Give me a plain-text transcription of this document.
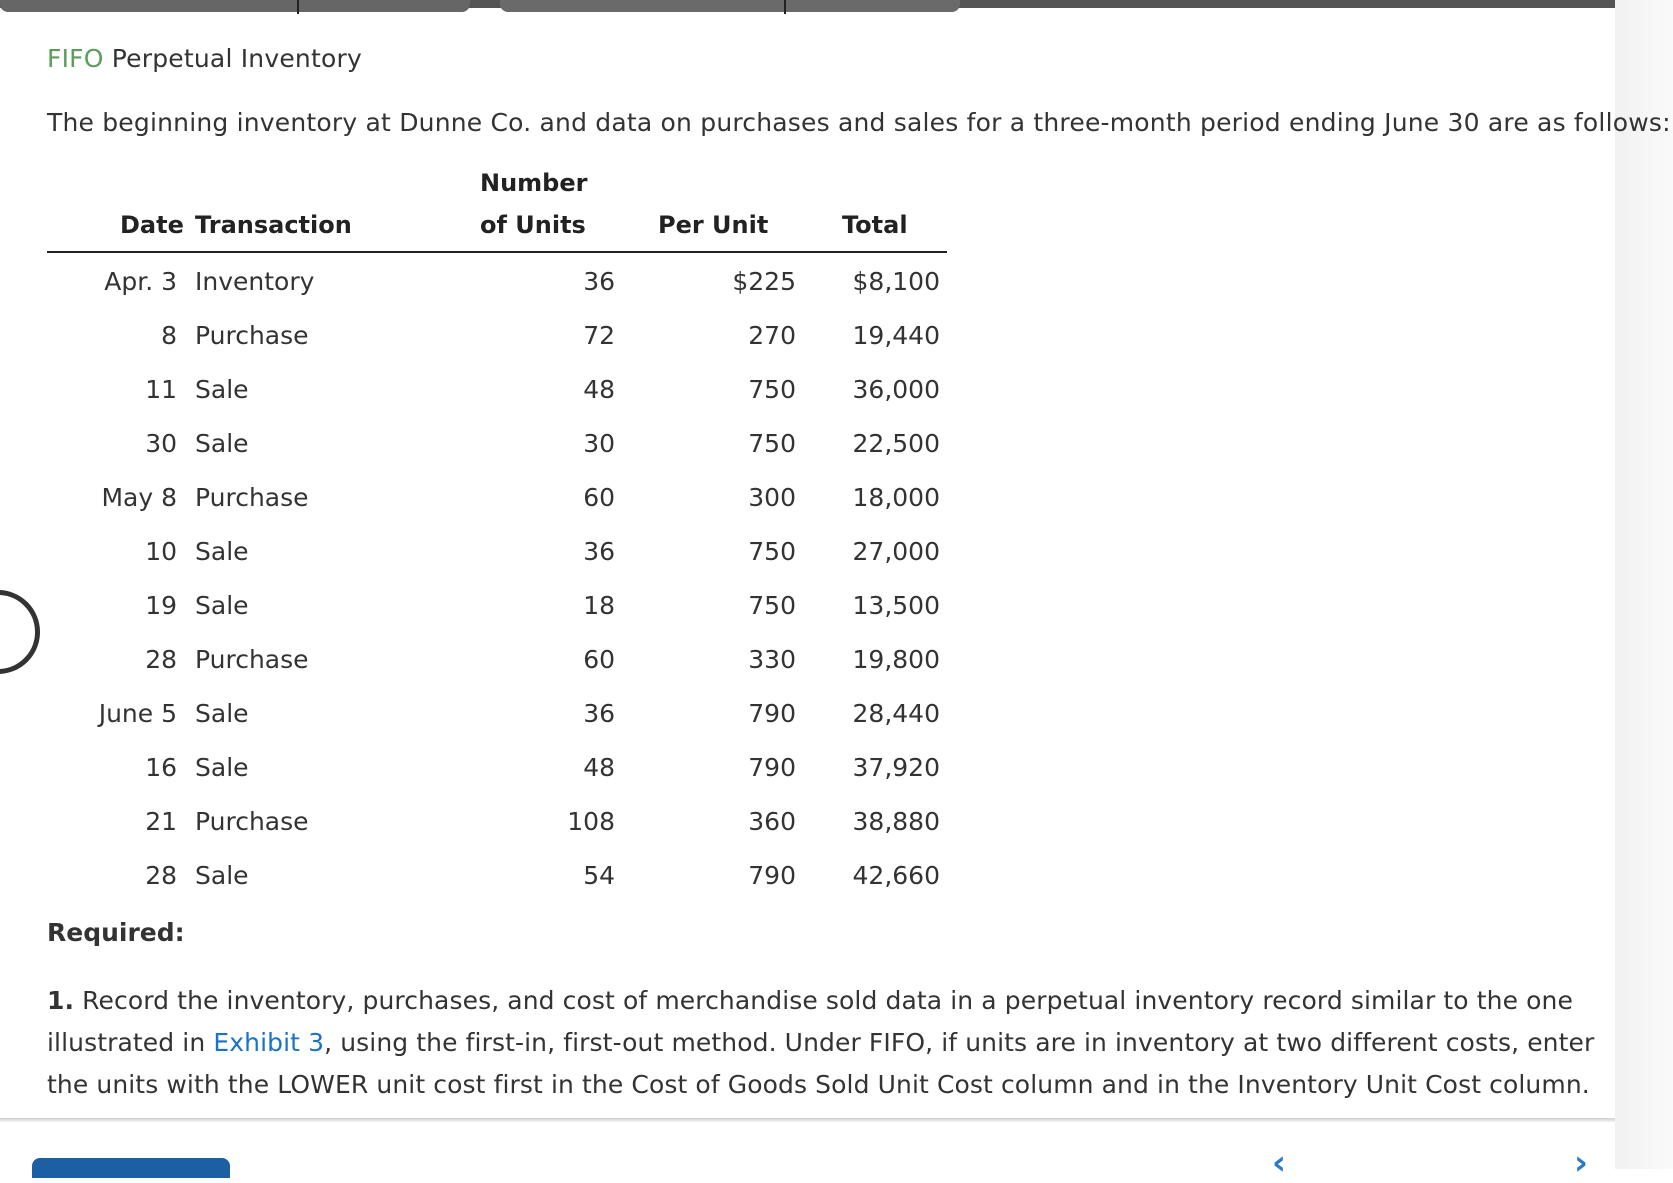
FIFO Perpetual Inventory
The beginning inventory at Dunne Co. and data on purchases and sales for a three-month period ending June 30 are as follows:
Date Transaction
Number
of Units	Per Unit	Total
Apr. 3 Inventory	36	$225 $8,100
8 Purchase	72	270 19,440
11 Sale	48	750 36,000
30 Sale	30	750 22,500
May 8 Purchase	60	300 18,000
10 Sale	36	750 27,000
19 Sale	18	750 13,500
28 Purchase	60	330 19,800
June 5 Sale	36	790 28,440
16 Sale	48	790 37,920
21 Purchase	108	360 38,880
28 Sale	54	790 42,660
Required:
1. Record the inventory, purchases, and cost of merchandise sold data in a perpetual inventory record similar to the one illustrated in Exhibit 3, using the first-in, first-out method. Under FIFO, if units are in inventory at two different costs, enter the units with the LOWER unit cost first in the Cost of Goods Sold Unit Cost column and in the Inventory Unit Cost column.
‹	›
